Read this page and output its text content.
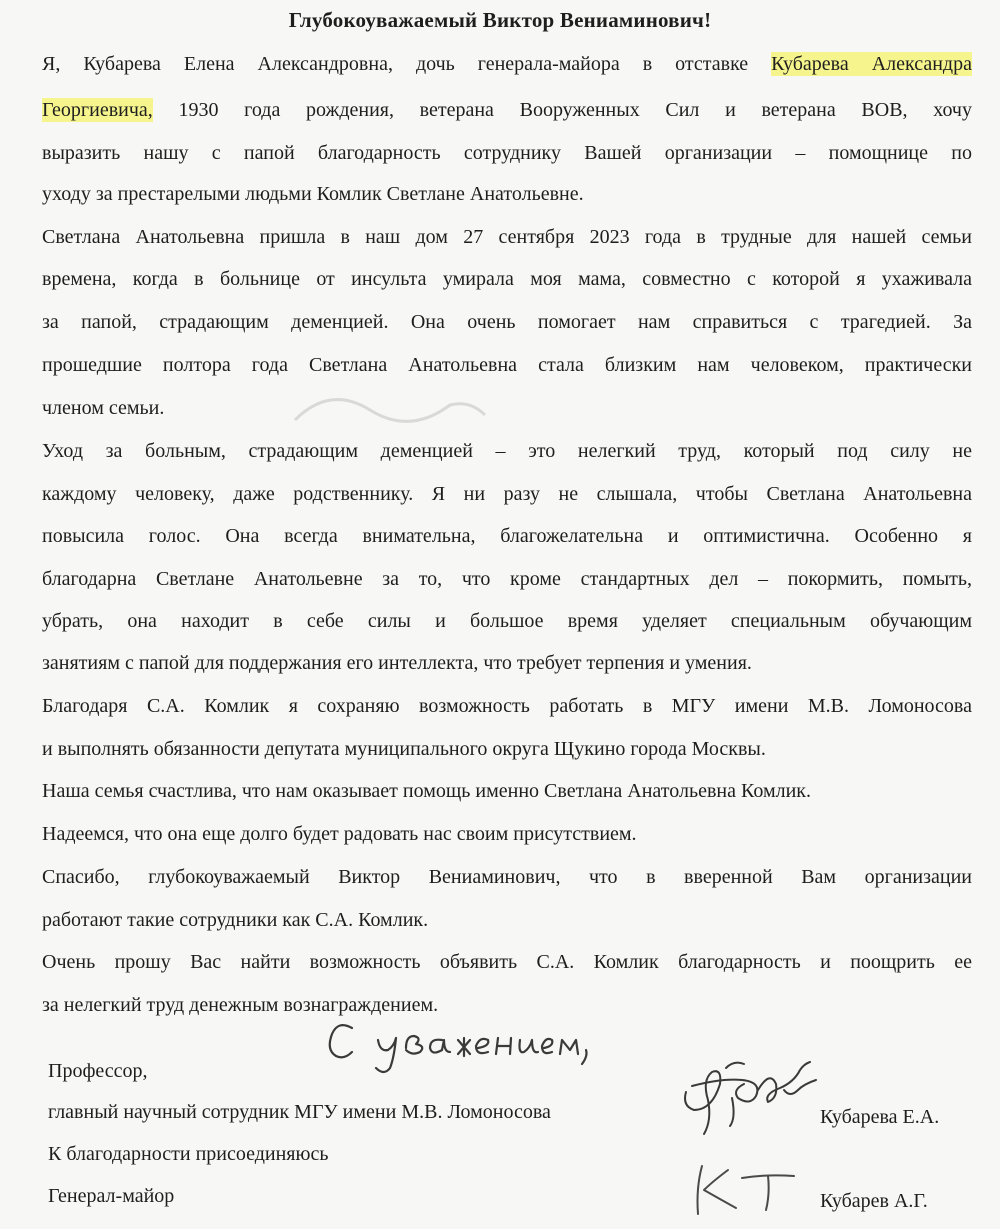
Глубокоуважаемый Виктор Вениаминович!
Я, Кубарева Елена Александровна, дочь генерала-майора в отставке Кубарева Александра
Георгиевича, 1930 года рождения, ветерана Вооруженных Сил и ветерана ВОВ, хочу
выразить нашу с папой благодарность сотруднику Вашей организации – помощнице по
уходу за престарелыми людьми Комлик Светлане Анатольевне.
Светлана Анатольевна пришла в наш дом 27 сентября 2023 года в трудные для нашей семьи
времена, когда в больнице от инсульта умирала моя мама, совместно с которой я ухаживала
за папой, страдающим деменцией. Она очень помогает нам справиться с трагедией. За
прошедшие полтора года Светлана Анатольевна стала близким нам человеком, практически
членом семьи.
Уход за больным, страдающим деменцией – это нелегкий труд, который под силу не
каждому человеку, даже родственнику. Я ни разу не слышала, чтобы Светлана Анатольевна
повысила голос. Она всегда внимательна, благожелательна и оптимистична. Особенно я
благодарна Светлане Анатольевне за то, что кроме стандартных дел – покормить, помыть,
убрать, она находит в себе силы и большое время уделяет специальным обучающим
занятиям с папой для поддержания его интеллекта, что требует терпения и умения.
Благодаря С.А. Комлик я сохраняю возможность работать в МГУ имени М.В. Ломоносова
и выполнять обязанности депутата муниципального округа Щукино города Москвы.
Наша семья счастлива, что нам оказывает помощь именно Светлана Анатольевна Комлик.
Надеемся, что она еще долго будет радовать нас своим присутствием.
Спасибо, глубокоуважаемый Виктор Вениаминович, что в вверенной Вам организации
работают такие сотрудники как С.А. Комлик.
Очень прошу Вас найти возможность объявить С.А. Комлик благодарность и поощрить ее
за нелегкий труд денежным вознаграждением.
Профессор,
главный научный сотрудник МГУ имени М.В. Ломоносова	Кубарева Е.А.
К благодарности присоединяюсь
Генерал-майор	Кубарев А.Г.
